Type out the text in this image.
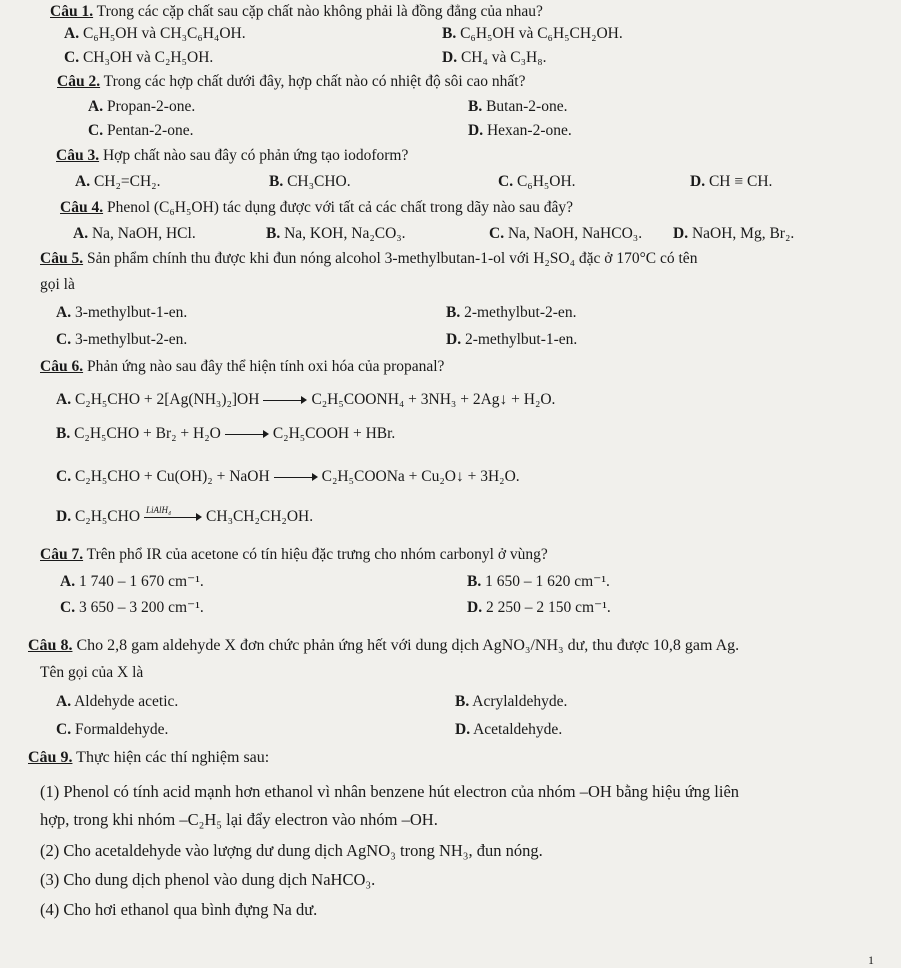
Câu 1. Trong các cặp chất sau cặp chất nào không phải là đồng đẳng của nhau?
A. C₆H₅OH và CH₃C₆H₄OH.	B. C₆H₅OH và C₆H₅CH₂OH.
C. CH₃OH và C₂H₅OH.	D. CH₄ và C₃H₈.
Câu 2. Trong các hợp chất dưới đây, hợp chất nào có nhiệt độ sôi cao nhất?
A. Propan-2-one.	B. Butan-2-one.
C. Pentan-2-one.	D. Hexan-2-one.
Câu 3. Hợp chất nào sau đây có phản ứng tạo iodoform?
A. CH₂=CH₂.	B. CH₃CHO.	C. C₆H₅OH.	D. CH ≡ CH.
Câu 4. Phenol (C₆H₅OH) tác dụng được với tất cả các chất trong dãy nào sau đây?
A. Na, NaOH, HCl.	B. Na, KOH, Na₂CO₃.	C. Na, NaOH, NaHCO₃. D. NaOH, Mg, Br₂.
Câu 5. Sản phẩm chính thu được khi đun nóng alcohol 3-methylbutan-1-ol với H₂SO₄ đặc ở 170°C có tên
gọi là
A. 3-methylbut-1-en.	B. 2-methylbut-2-en.
C. 3-methylbut-2-en.	D. 2-methylbut-1-en.
Câu 6. Phản ứng nào sau đây thể hiện tính oxi hóa của propanal?
A. C₂H₅CHO + 2[Ag(NH₃)₂]OH	C₂H₅COONH₄ + 3NH₃ + 2Ag↓ + H₂O.
B. C₂H₅CHO + Br₂ + H₂O	C₂H₅COOH + HBr.
C. C₂H₅CHO + Cu(OH)₂ + NaOH	C₂H₅COONa + Cu₂O↓ + 3H₂O.
D. C₂H₅CHO LiAlH₄ CH₃CH₂CH₂OH.
Câu 7. Trên phổ IR của acetone có tín hiệu đặc trưng cho nhóm carbonyl ở vùng?
A. 1 740 – 1 670 cm⁻¹.	B. 1 650 – 1 620 cm⁻¹.
C. 3 650 – 3 200 cm⁻¹.	D. 2 250 – 2 150 cm⁻¹.
Câu 8. Cho 2,8 gam aldehyde X đơn chức phản ứng hết với dung dịch AgNO₃/NH₃ dư, thu được 10,8 gam Ag.
Tên gọi của X là
A. Aldehyde acetic.	B. Acrylaldehyde.
C. Formaldehyde.	D. Acetaldehyde.
Câu 9. Thực hiện các thí nghiệm sau:
(1) Phenol có tính acid mạnh hơn ethanol vì nhân benzene hút electron của nhóm –OH bằng hiệu ứng liên
hợp, trong khi nhóm –C₂H₅ lại đẩy electron vào nhóm –OH.
(2) Cho acetaldehyde vào lượng dư dung dịch AgNO₃ trong NH₃, đun nóng.
(3) Cho dung dịch phenol vào dung dịch NaHCO₃.
(4) Cho hơi ethanol qua bình đựng Na dư.
1
